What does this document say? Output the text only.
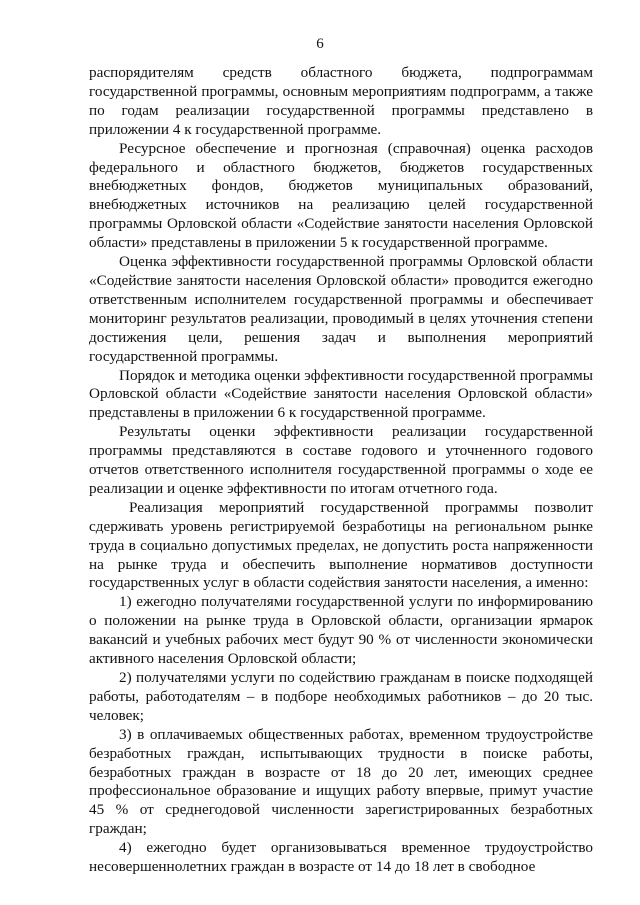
6

распорядителям средств областного бюджета, подпрограммам государственной программы, основным мероприятиям подпрограмм, а также по годам реализации государственной программы представлено в приложении 4 к государственной программе.

Ресурсное обеспечение и прогнозная (справочная) оценка расходов федерального и областного бюджетов, бюджетов государственных внебюджетных фондов, бюджетов муниципальных образований, внебюджетных источников на реализацию целей государственной программы Орловской области «Содействие занятости населения Орловской области» представлены в приложении 5 к государственной программе.

Оценка эффективности государственной программы Орловской области «Содействие занятости населения Орловской области» проводится ежегодно ответственным исполнителем государственной программы и обеспечивает мониторинг результатов реализации, проводимый в целях уточнения степени достижения цели, решения задач и выполнения мероприятий государственной программы.

Порядок и методика оценки эффективности государственной программы Орловской области «Содействие занятости населения Орловской области» представлены в приложении 6 к государственной программе.

Результаты оценки эффективности реализации государственной программы представляются в составе годового и уточненного годового отчетов ответственного исполнителя государственной программы о ходе ее реализации и оценке эффективности по итогам отчетного года.

Реализация мероприятий государственной программы позволит сдерживать уровень регистрируемой безработицы на региональном рынке труда в социально допустимых пределах, не допустить роста напряженности на рынке труда и обеспечить выполнение нормативов доступности государственных услуг в области содействия занятости населения, а именно:

1) ежегодно получателями государственной услуги по информированию о положении на рынке труда в Орловской области, организации ярмарок вакансий и учебных рабочих мест будут 90 % от численности экономически активного населения Орловской области;

2) получателями услуги по содействию гражданам в поиске подходящей работы, работодателям – в подборе необходимых работников – до 20 тыс. человек;

3) в оплачиваемых общественных работах, временном трудоустройстве безработных граждан, испытывающих трудности в поиске работы, безработных граждан в возрасте от 18 до 20 лет, имеющих среднее профессиональное образование и ищущих работу впервые, примут участие 45 % от среднегодовой численности зарегистрированных безработных граждан;

4) ежегодно будет организовываться временное трудоустройство несовершеннолетних граждан в возрасте от 14 до 18 лет в свободное
